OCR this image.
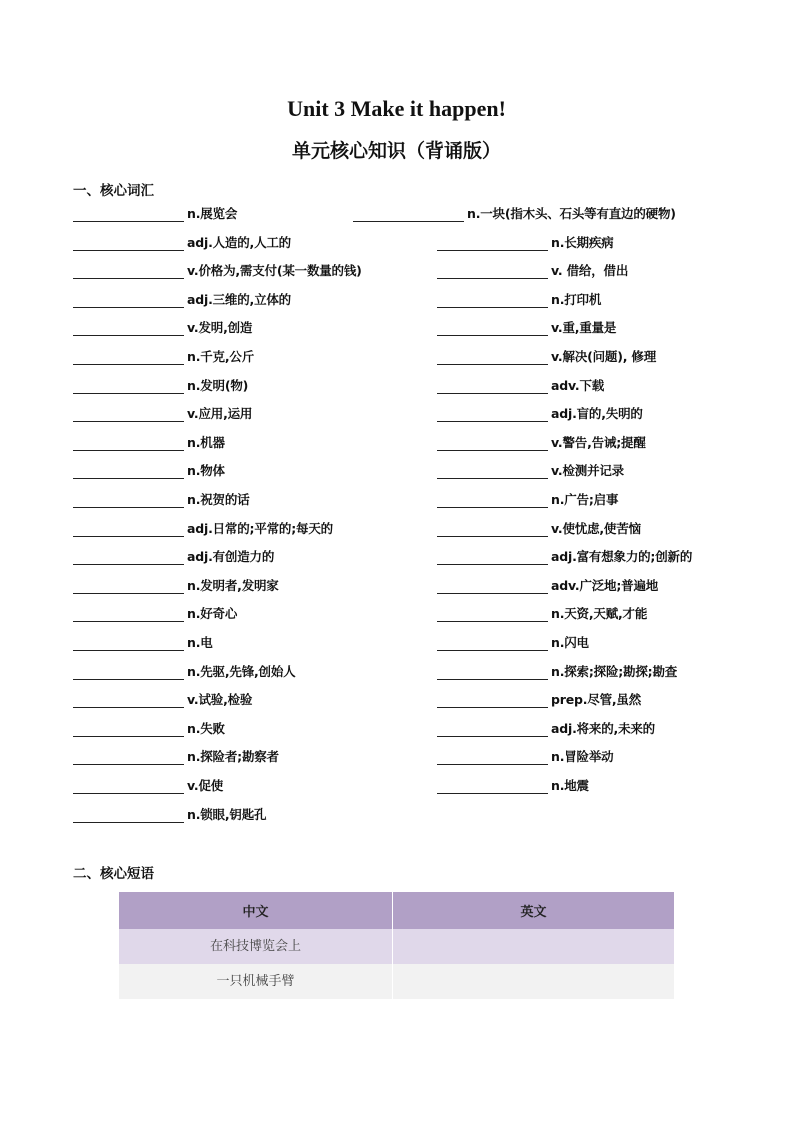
Unit 3 Make it happen!
单元核心知识（背诵版）
一、核心词汇
n.展览会	n.一块(指木头、石头等有直边的硬物)
adj.人造的,人工的	n.长期疾病
v.价格为,需支付(某一数量的钱)	v. 借给，借出
adj.三维的,立体的	n.打印机
v.发明,创造	v.重,重量是
n.千克,公斤	v.解决(问题), 修理
n.发明(物)	adv.下载
v.应用,运用	adj.盲的,失明的
n.机器	v.警告,告诫;提醒
n.物体	v.检测并记录
n.祝贺的话	n.广告;启事
adj.日常的;平常的;每天的	v.使忧虑,使苦恼
adj.有创造力的	adj.富有想象力的;创新的
n.发明者,发明家	adv.广泛地;普遍地
n.好奇心	n.天资,天赋,才能
n.电	n.闪电
n.先驱,先锋,创始人	n.探索;探险;勘探;勘查
v.试验,检验	prep.尽管,虽然
n.失败	adj.将来的,未来的
n.探险者;勘察者	n.冒险举动
v.促使	n.地震
n.锁眼,钥匙孔
二、核心短语
中文	英文
在科技博览会上	
一只机械手臂	
